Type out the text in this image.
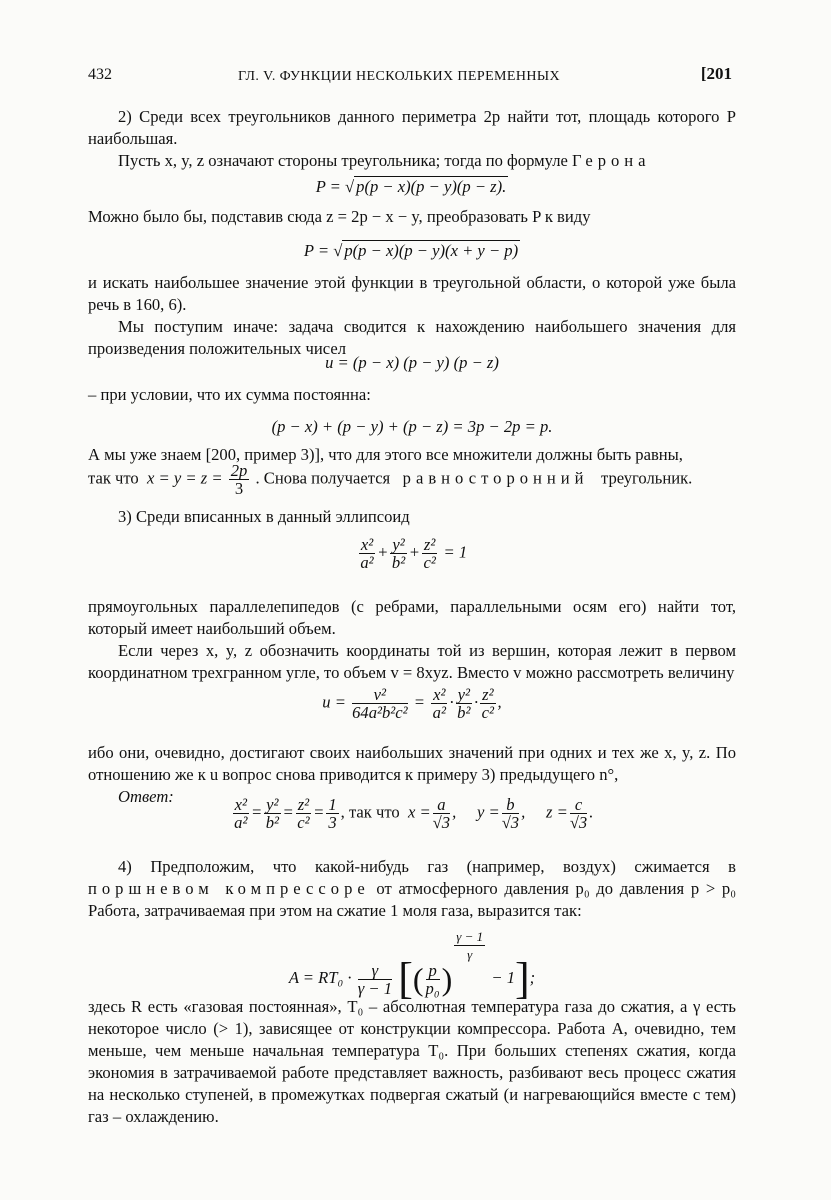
432	ГЛ. V. ФУНКЦИИ НЕСКОЛЬКИХ ПЕРЕМЕННЫХ	[201

2) Среди всех треугольников данного периметра 2p найти тот, площадь которого P наибольшая.

Пусть x, y, z означают стороны треугольника; тогда по формуле Герона

P = √ p(p − x)(p − y)(p − z).

Можно было бы, подставив сюда z = 2p − x − y, преобразовать P к виду

P = √ p(p − x)(p − y)(x + y − p)

и искать наибольшее значение этой функции в треугольной области, о которой уже была речь в 160, 6).

Мы поступим иначе: задача сводится к нахождению наибольшего значения для произведения положительных чисел

u = (p − x) (p − y) (p − z)

– при условии, что их сумма постоянна:

(p − x) + (p − y) + (p − z) = 3p − 2p = p.

А мы уже знаем [200, пример 3)], что для этого все множители должны быть равны,

так что $x = y = z = \frac{2p}{3}$ . Снова получается равносторонний треугольник.

3) Среди вписанных в данный эллипсоид

$\frac{\text{x²}}{\text{a²}} + \frac{\text{y²}}{\text{b²}} + \frac{\text{z²}}{\text{c²}} = 1$

прямоугольных параллелепипедов (с ребрами, параллельными осям его) найти тот, который имеет наибольший объем.

Если через x, y, z обозначить координаты той из вершин, которая лежит в первом координатном трехгранном угле, то объем v = 8xyz. Вместо v можно рассмотреть величину

$u = \frac{\text{v²}}{\text{64a²b²c²}} = \frac{\text{x²}}{\text{a²}} \cdot \frac{\text{y²}}{\text{b²}} \cdot \frac{\text{z²}}{\text{c²}}$ ,

ибо они, очевидно, достигают своих наибольших значений при одних и тех же x, y, z. По отношению же к u вопрос снова приводится к примеру 3) предыдущего n°,

Ответ:	$\frac{\text{x²}}{\text{a²}} = \frac{\text{y²}}{\text{b²}} = \frac{\text{z²}}{\text{c²}} = \frac{1}{3}$ , так что $x = \frac{a}{√3}$ , $y = \frac{b}{√3}$ , $z = \frac{c}{√3}$ .

4) Предположим, что какой-нибудь газ (например, воздух) сжимается в поршневом компрессоре от атмосферного давления p₀ до давления p > p₀ Работа, затрачиваемая при этом на сжатие 1 моля газа, выразится так:

$A = RT_0 \cdot \frac{\gamma}{\gamma - 1}$ [( $\frac{p}{\text{p₀}}$ )
$\frac{\gamma - 1}{\gamma}$
− 1];

здесь R есть «газовая постоянная», T₀ – абсолютная температура газа до сжатия, а γ есть некоторое число (> 1), зависящее от конструкции компрессора. Работа A, очевидно, тем меньше, чем меньше начальная температура T₀. При больших степенях сжатия, когда экономия в затрачиваемой работе представляет важность, разбивают весь процесс сжатия на несколько ступеней, в промежутках подвергая сжатый (и нагревающийся вместе с тем) газ – охлаждению.
